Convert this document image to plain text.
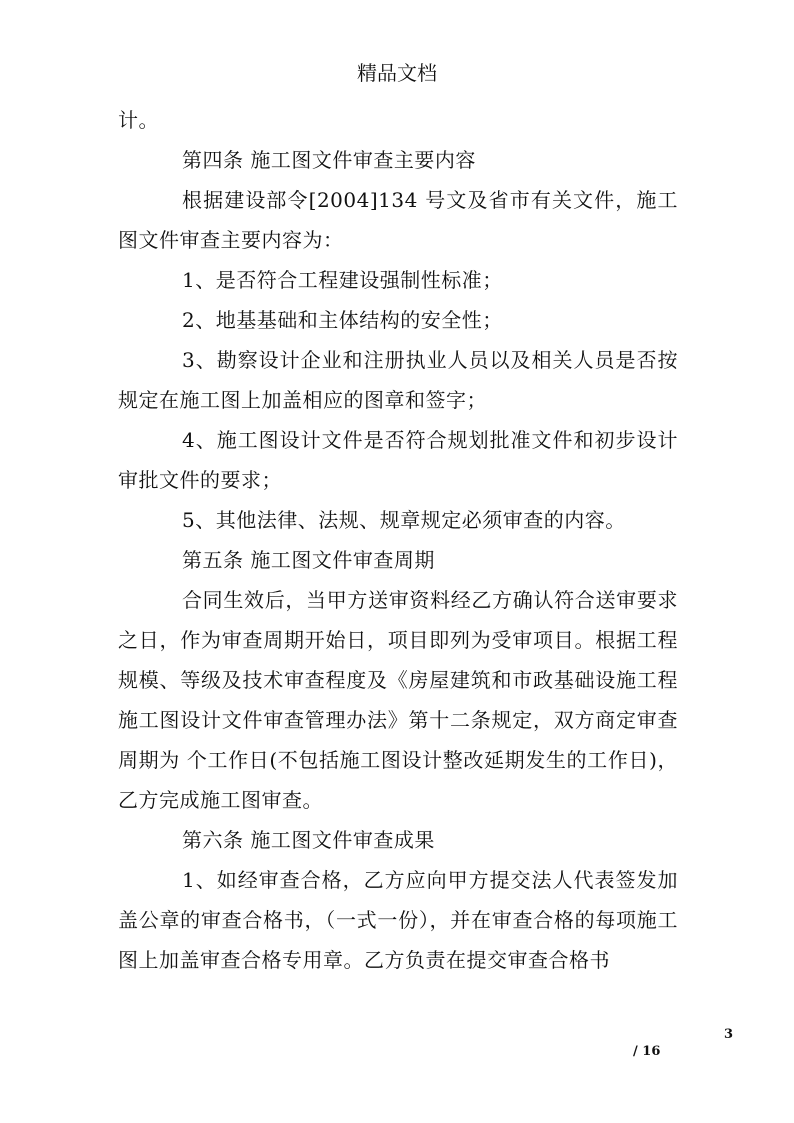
精品文档

计。

第四条 施工图文件审查主要内容

根据建设部令[2004]134 号文及省市有关文件，施工图文件审查主要内容为：

1、是否符合工程建设强制性标准；

2、地基基础和主体结构的安全性；

3、勘察设计企业和注册执业人员以及相关人员是否按规定在施工图上加盖相应的图章和签字；

4、施工图设计文件是否符合规划批准文件和初步设计审批文件的要求；

5、其他法律、法规、规章规定必须审查的内容。

第五条 施工图文件审查周期

合同生效后，当甲方送审资料经乙方确认符合送审要求之日，作为审查周期开始日，项目即列为受审项目。根据工程规模、等级及技术审查程度及《房屋建筑和市政基础设施工程施工图设计文件审查管理办法》第十二条规定，双方商定审查周期为 个工作日(不包括施工图设计整改延期发生的工作日)，乙方完成施工图审查。

第六条 施工图文件审查成果

1、如经审查合格，乙方应向甲方提交法人代表签发加盖公章的审查合格书，（一式一份），并在审查合格的每项施工图上加盖审查合格专用章。乙方负责在提交审查合格书

3
/ 16
